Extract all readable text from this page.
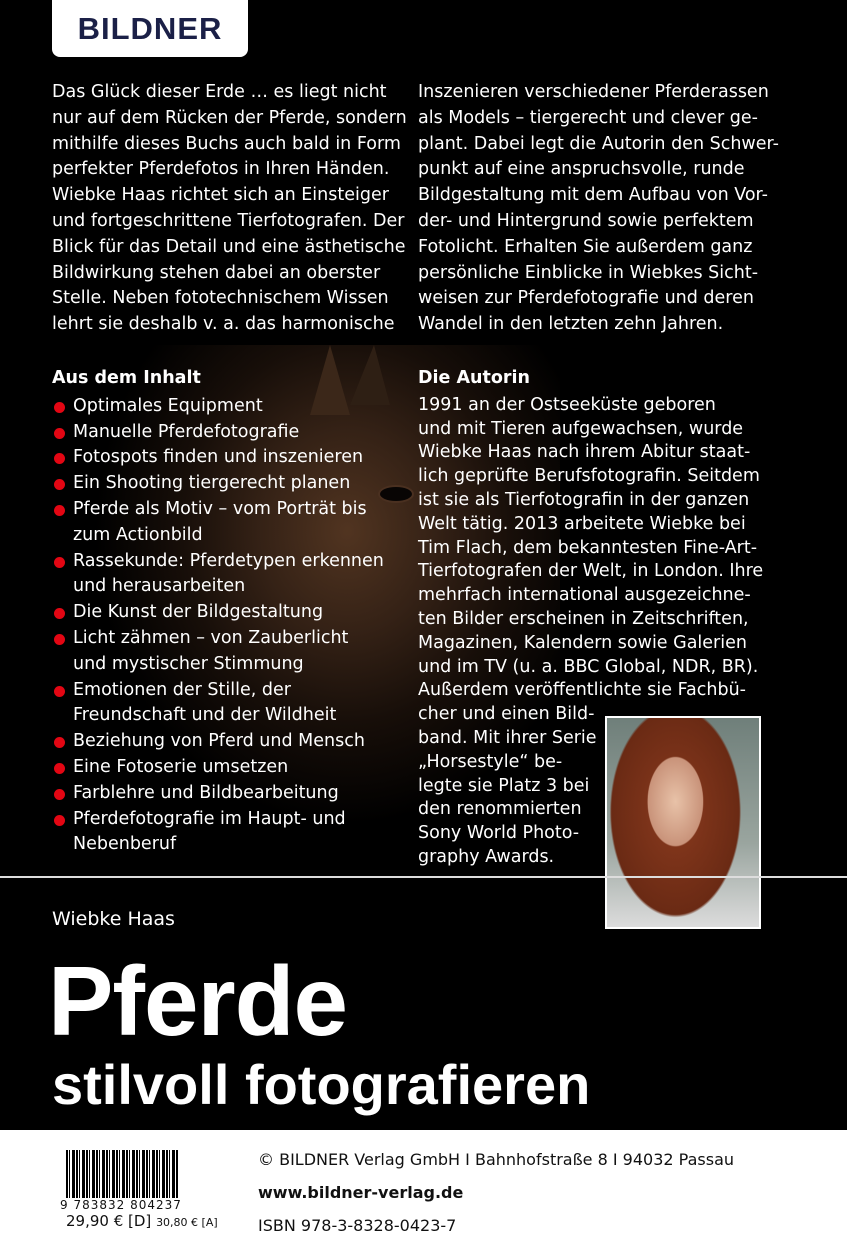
BILDNER
Das Glück dieser Erde … es liegt nicht
nur auf dem Rücken der Pferde, sondern
mithilfe dieses Buchs auch bald in Form
perfekter Pferdefotos in Ihren Händen.
Wiebke Haas richtet sich an Einsteiger
und fortgeschrittene Tierfotografen. Der
Blick für das Detail und eine ästhetische
Bildwirkung stehen dabei an oberster
Stelle. Neben fototechnischem Wissen
lehrt sie deshalb v. a. das harmonische
Inszenieren verschiedener Pferderassen
als Models – tiergerecht und clever ge-
plant. Dabei legt die Autorin den Schwer-
punkt auf eine anspruchsvolle, runde
Bildgestaltung mit dem Aufbau von Vor-
der- und Hintergrund sowie perfektem
Fotolicht. Erhalten Sie außerdem ganz
persönliche Einblicke in Wiebkes Sicht-
weisen zur Pferdefotografie und deren
Wandel in den letzten zehn Jahren.
Aus dem Inhalt
Optimales Equipment
Manuelle Pferdefotografie
Fotospots finden und inszenieren
Ein Shooting tiergerecht planen
Pferde als Motiv – vom Porträt bis
zum Actionbild
Rassekunde: Pferdetypen erkennen
und herausarbeiten
Die Kunst der Bildgestaltung
Licht zähmen – von Zauberlicht
und mystischer Stimmung
Emotionen der Stille, der
Freundschaft und der Wildheit
Beziehung von Pferd und Mensch
Eine Fotoserie umsetzen
Farblehre und Bildbearbeitung
Pferdefotografie im Haupt- und
Nebenberuf
Die Autorin
1991 an der Ostseeküste geboren
und mit Tieren aufgewachsen, wurde
Wiebke Haas nach ihrem Abitur staat-
lich geprüfte Berufsfotografin. Seitdem
ist sie als Tierfotografin in der ganzen
Welt tätig. 2013 arbeitete Wiebke bei
Tim Flach, dem bekanntesten Fine-Art-
Tierfotografen der Welt, in London. Ihre
mehrfach international ausgezeichne-
ten Bilder erscheinen in Zeitschriften,
Magazinen, Kalendern sowie Galerien
und im TV (u. a. BBC Global, NDR, BR).
Außerdem veröffentlichte sie Fachbü-
cher und einen Bild-
band. Mit ihrer Serie
„Horsestyle“ be-
legte sie Platz 3 bei
den renommierten
Sony World Photo-
graphy Awards.
Wiebke Haas
Pferde
stilvoll fotografieren
9 783832 804237
29,90 € [D] 30,80 € [A]
© BILDNER Verlag GmbH I Bahnhofstraße 8 I 94032 Passau
www.bildner-verlag.de
ISBN 978-3-8328-0423-7
